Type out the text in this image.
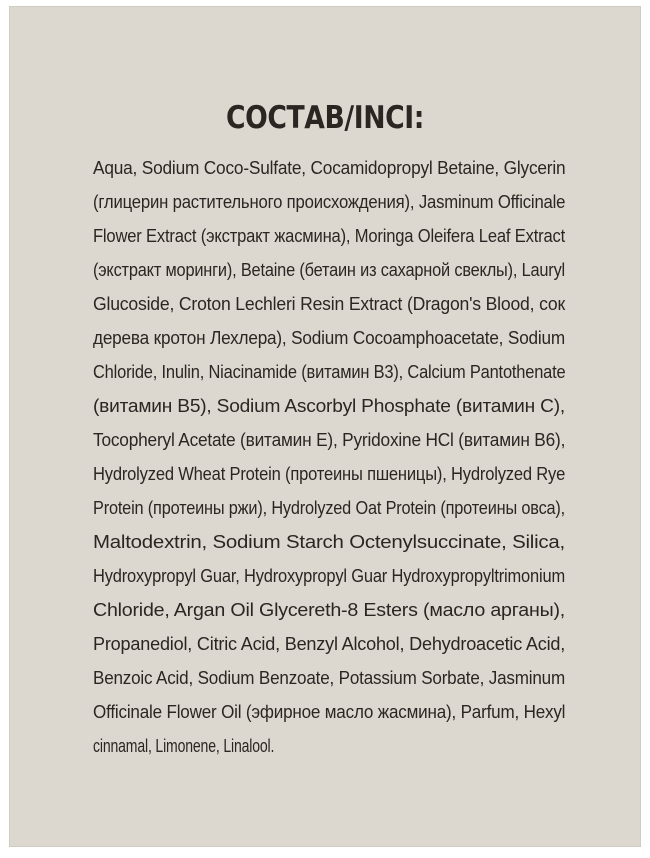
СОСТАВ/INCI:
Aqua, Sodium Coco-Sulfate, Cocamidopropyl Betaine, Glycerin
(глицерин растительного происхождения), Jasminum Officinale
Flower Extract (экстракт жасмина), Moringa Oleifera Leaf Extract
(экстракт моринги), Betaine (бетаин из сахарной свеклы), Lauryl
Glucoside, Croton Lechleri Resin Extract (Dragon's Blood, сок
дерева кротон Лехлера), Sodium Cocoamphoacetate, Sodium
Chloride, Inulin, Niacinamide (витамин B3), Calcium Pantothenate
(витамин B5), Sodium Ascorbyl Phosphate (витамин C),
Tocopheryl Acetate (витамин E), Pyridoxine HCl (витамин B6),
Hydrolyzed Wheat Protein (протеины пшеницы), Hydrolyzed Rye
Protein (протеины ржи), Hydrolyzed Oat Protein (протеины овса),
Maltodextrin, Sodium Starch Octenylsuccinate, Silica,
Hydroxypropyl Guar, Hydroxypropyl Guar Hydroxypropyltrimonium
Chloride, Argan Oil Glycereth-8 Esters (масло арганы),
Propanediol, Citric Acid, Benzyl Alcohol, Dehydroacetic Acid,
Benzoic Acid, Sodium Benzoate, Potassium Sorbate, Jasminum
Officinale Flower Oil (эфирное масло жасмина), Parfum, Hexyl
cinnamal, Limonene, Linalool.
